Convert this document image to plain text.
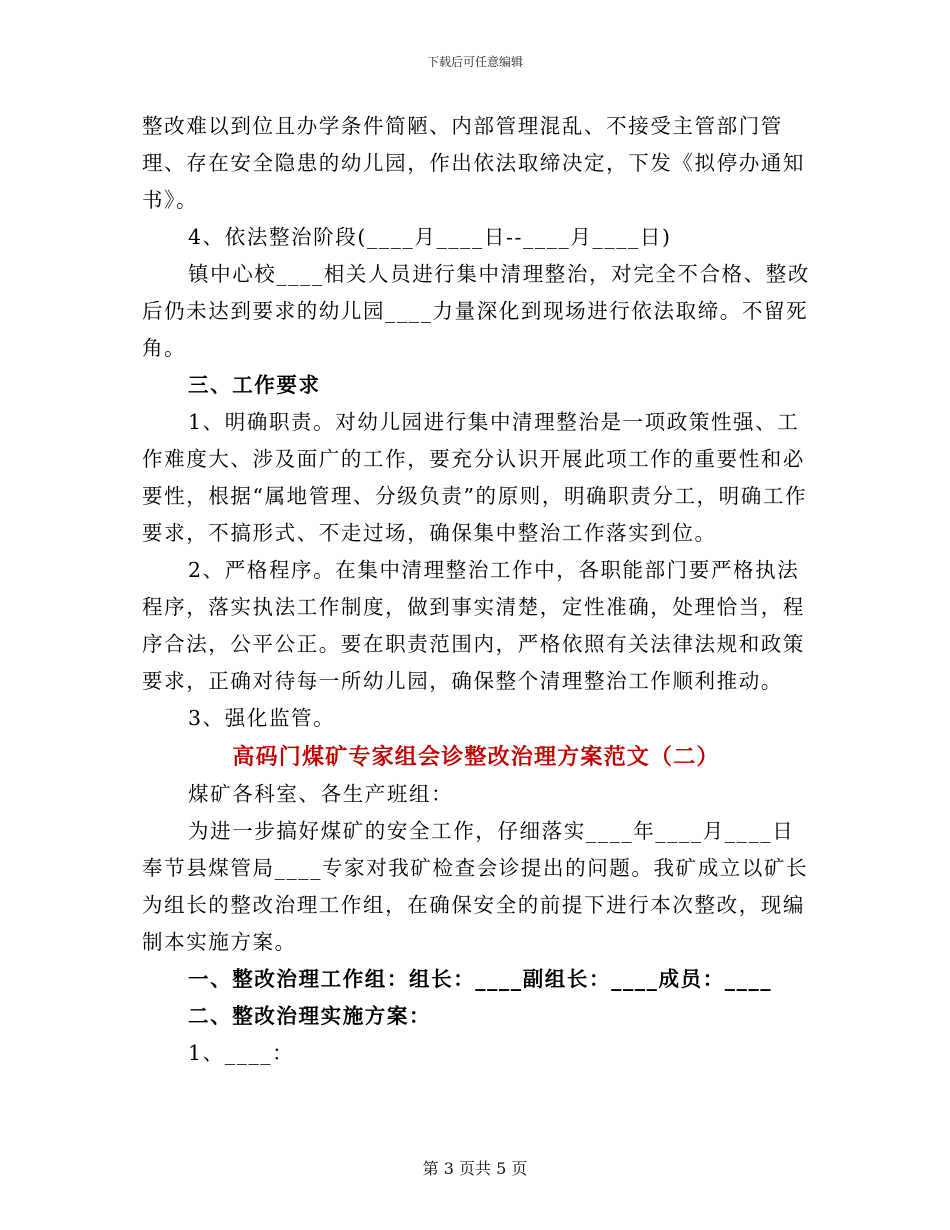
下载后可任意编辑

整改难以到位且办学条件简陋、内部管理混乱、不接受主管部门管理、存在安全隐患的幼儿园，作出依法取缔决定，下发《拟停办通知书》。

4、依法整治阶段(____月____日--____月____日)

镇中心校____相关人员进行集中清理整治，对完全不合格、整改后仍未达到要求的幼儿园____力量深化到现场进行依法取缔。不留死角。

三、工作要求

1、明确职责。对幼儿园进行集中清理整治是一项政策性强、工作难度大、涉及面广的工作，要充分认识开展此项工作的重要性和必要性，根据“属地管理、分级负责”的原则，明确职责分工，明确工作要求，不搞形式、不走过场，确保集中整治工作落实到位。

2、严格程序。在集中清理整治工作中，各职能部门要严格执法程序，落实执法工作制度，做到事实清楚，定性准确，处理恰当，程序合法，公平公正。要在职责范围内，严格依照有关法律法规和政策要求，正确对待每一所幼儿园，确保整个清理整治工作顺利推动。

3、强化监管。

高码门煤矿专家组会诊整改治理方案范文（二）

煤矿各科室、各生产班组：

为进一步搞好煤矿的安全工作，仔细落实____年____月____日奉节县煤管局____专家对我矿检查会诊提出的问题。我矿成立以矿长为组长的整改治理工作组，在确保安全的前提下进行本次整改，现编制本实施方案。

一、整改治理工作组：组长：____副组长：____成员：____

二、整改治理实施方案：

1、____：

第 3 页共 5 页
